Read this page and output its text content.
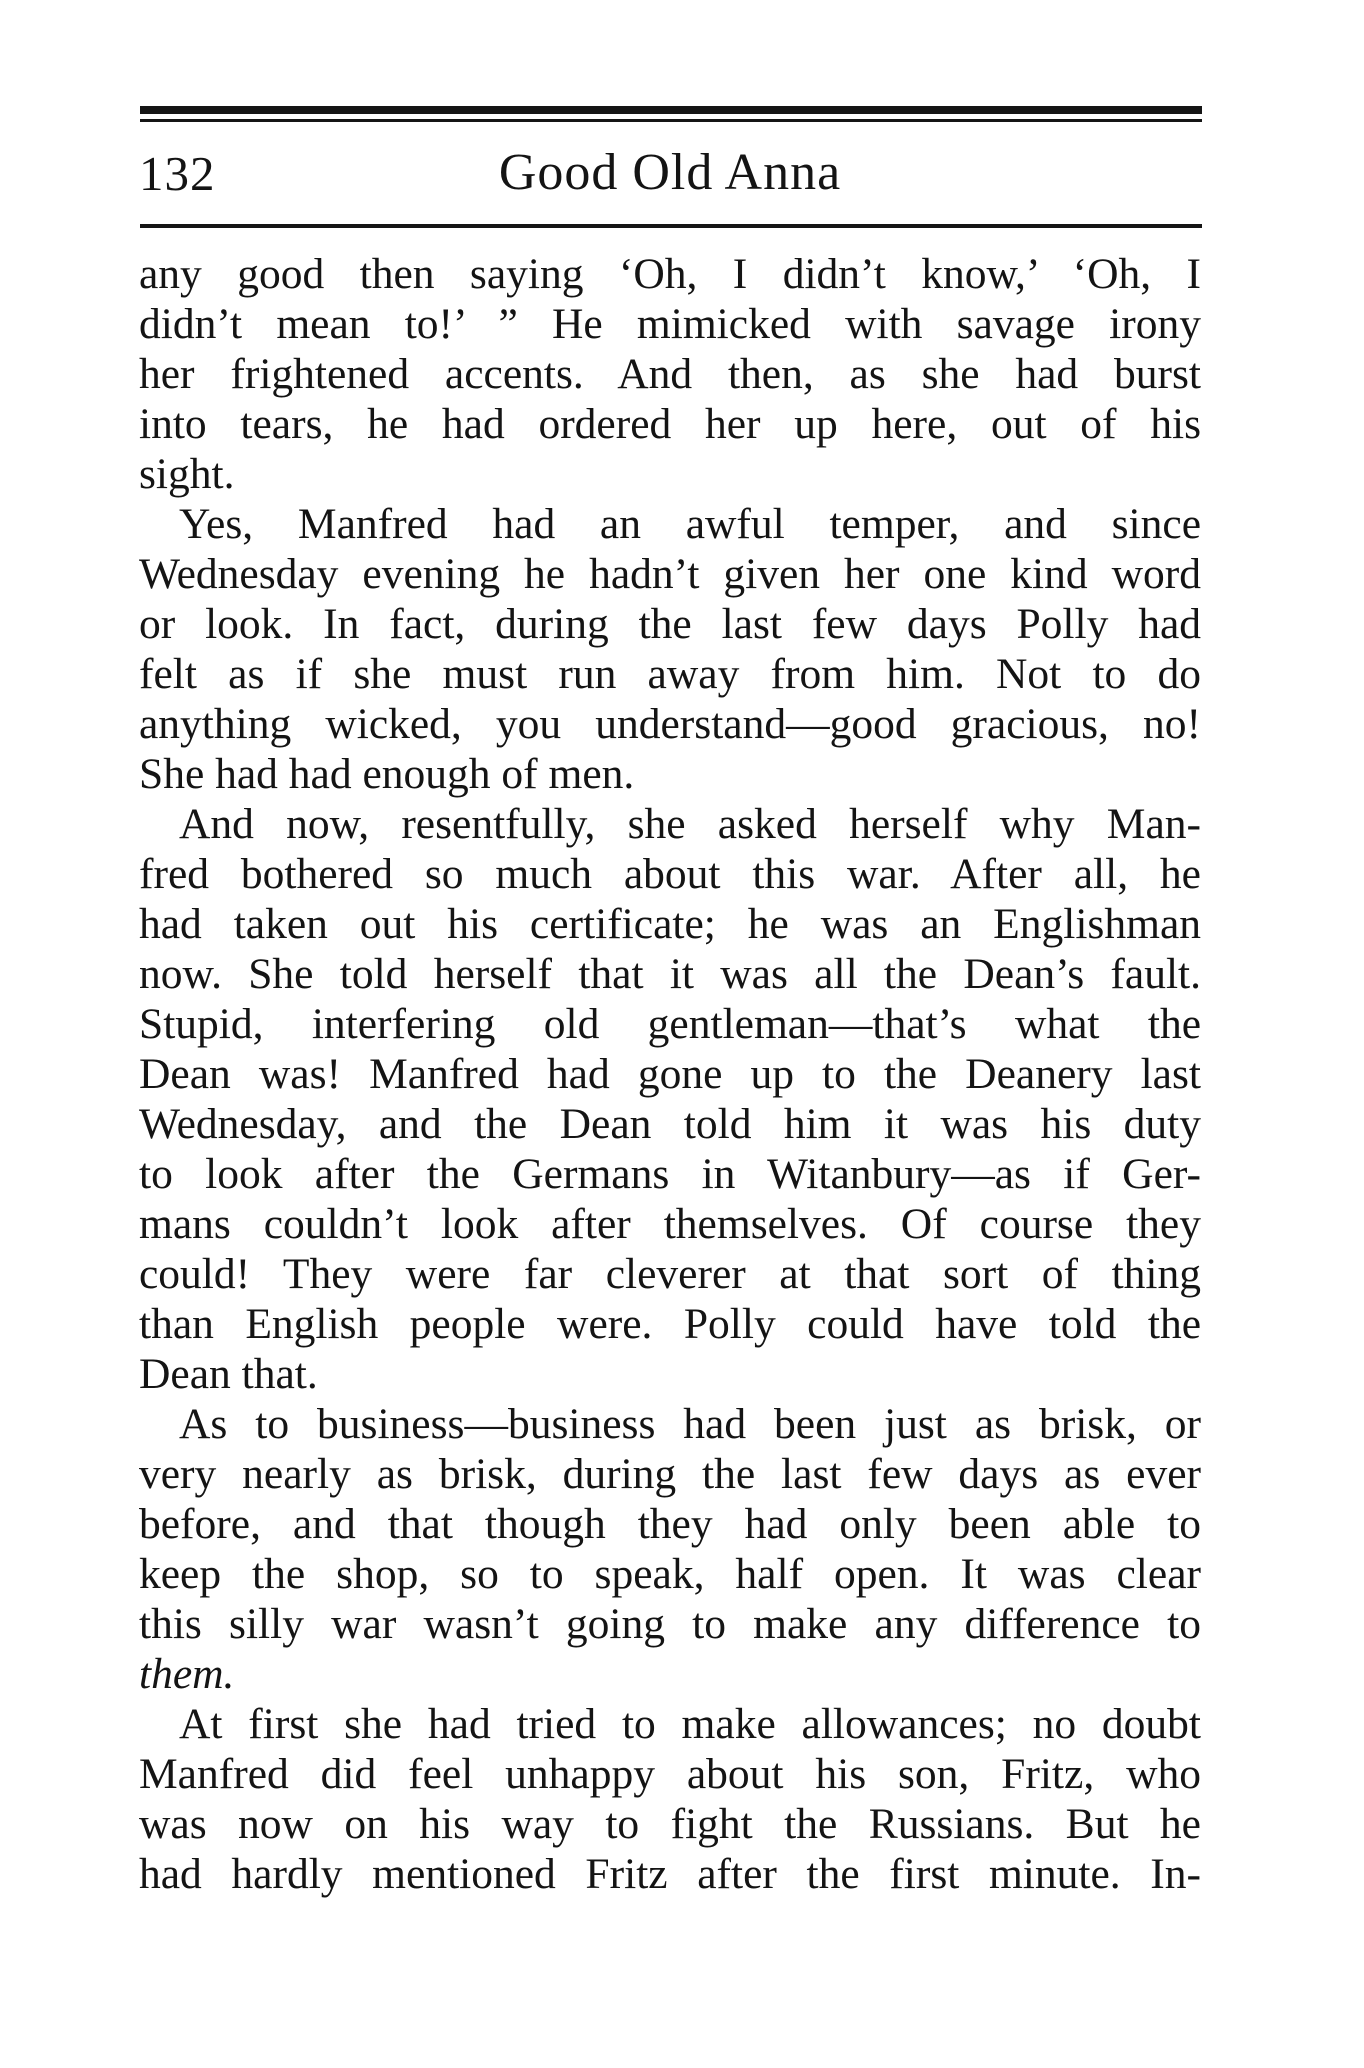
132	Good Old Anna

any good then saying ‘Oh, I didn’t know,’ ‘Oh, I
didn’t mean to!’ ” He mimicked with savage irony
her frightened accents. And then, as she had burst
into tears, he had ordered her up here, out of his
sight.

Yes, Manfred had an awful temper, and since
Wednesday evening he hadn’t given her one kind word
or look. In fact, during the last few days Polly had
felt as if she must run away from him. Not to do
anything wicked, you understand—good gracious, no!
She had had enough of men.

And now, resentfully, she asked herself why Man-
fred bothered so much about this war. After all, he
had taken out his certificate; he was an Englishman
now. She told herself that it was all the Dean’s fault.
Stupid, interfering old gentleman—that’s what the
Dean was! Manfred had gone up to the Deanery last
Wednesday, and the Dean told him it was his duty
to look after the Germans in Witanbury—as if Ger-
mans couldn’t look after themselves. Of course they
could! They were far cleverer at that sort of thing
than English people were. Polly could have told the
Dean that.

As to business—business had been just as brisk, or
very nearly as brisk, during the last few days as ever
before, and that though they had only been able to
keep the shop, so to speak, half open. It was clear
this silly war wasn’t going to make any difference to
them.

At first she had tried to make allowances; no doubt
Manfred did feel unhappy about his son, Fritz, who
was now on his way to fight the Russians. But he
had hardly mentioned Fritz after the first minute. In-
